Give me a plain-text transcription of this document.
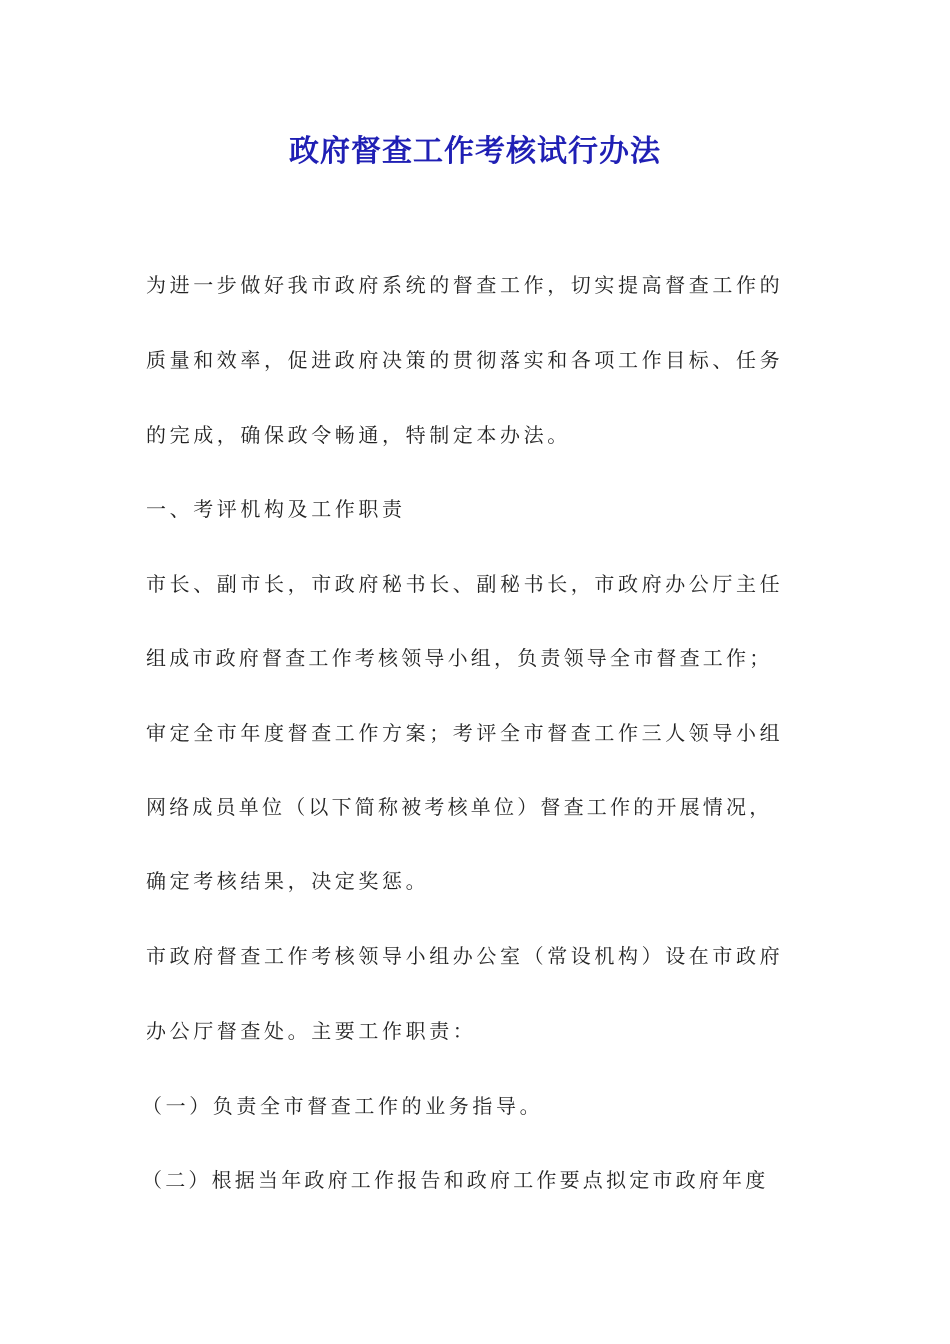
政府督查工作考核试行办法
为进一步做好我市政府系统的督查工作，切实提高督查工作的
质量和效率，促进政府决策的贯彻落实和各项工作目标、任务
的完成，确保政令畅通，特制定本办法。
一、考评机构及工作职责
市长、副市长，市政府秘书长、副秘书长，市政府办公厅主任
组成市政府督查工作考核领导小组，负责领导全市督查工作；
审定全市年度督查工作方案；考评全市督查工作三人领导小组
网络成员单位（以下简称被考核单位）督查工作的开展情况，
确定考核结果，决定奖惩。
市政府督查工作考核领导小组办公室（常设机构）设在市政府
办公厅督查处。主要工作职责：
（一）负责全市督查工作的业务指导。
（二）根据当年政府工作报告和政府工作要点拟定市政府年度
